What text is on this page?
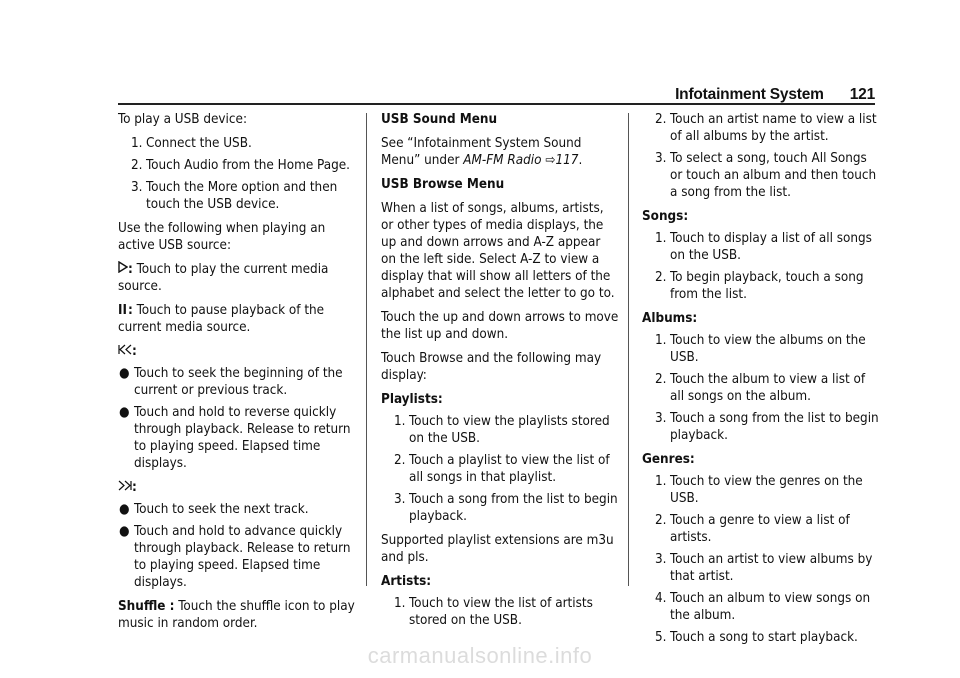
Infotainment System 121

To play a USB device:

1. Connect the USB.
2. Touch Audio from the Home Page.
3. Touch the More option and then touch the USB device.

Use the following when playing an active USB source:

: Touch to play the current media source.

II: Touch to pause playback of the current media source.

:

● Touch to seek the beginning of the current or previous track.
● Touch and hold to reverse quickly through playback. Release to return to playing speed. Elapsed time displays.

:

● Touch to seek the next track.
● Touch and hold to advance quickly through playback. Release to return to playing speed. Elapsed time displays.

Shuffle : Touch the shuffle icon to play music in random order.

USB Sound Menu

See “Infotainment System Sound Menu” under AM-FM Radio ⇨117.

USB Browse Menu

When a list of songs, albums, artists, or other types of media displays, the up and down arrows and A-Z appear on the left side. Select A-Z to view a display that will show all letters of the alphabet and select the letter to go to.

Touch the up and down arrows to move the list up and down.

Touch Browse and the following may display:

Playlists:

1. Touch to view the playlists stored on the USB.
2. Touch a playlist to view the list of all songs in that playlist.
3. Touch a song from the list to begin playback.

Supported playlist extensions are m3u and pls.

Artists:

1. Touch to view the list of artists stored on the USB.
2. Touch an artist name to view a list of all albums by the artist.
3. To select a song, touch All Songs or touch an album and then touch a song from the list.

Songs:

1. Touch to display a list of all songs on the USB.
2. To begin playback, touch a song from the list.

Albums:

1. Touch to view the albums on the USB.
2. Touch the album to view a list of all songs on the album.
3. Touch a song from the list to begin playback.

Genres:

1. Touch to view the genres on the USB.
2. Touch a genre to view a list of artists.
3. Touch an artist to view albums by that artist.
4. Touch an album to view songs on the album.
5. Touch a song to start playback.
carmanualsonline.info
